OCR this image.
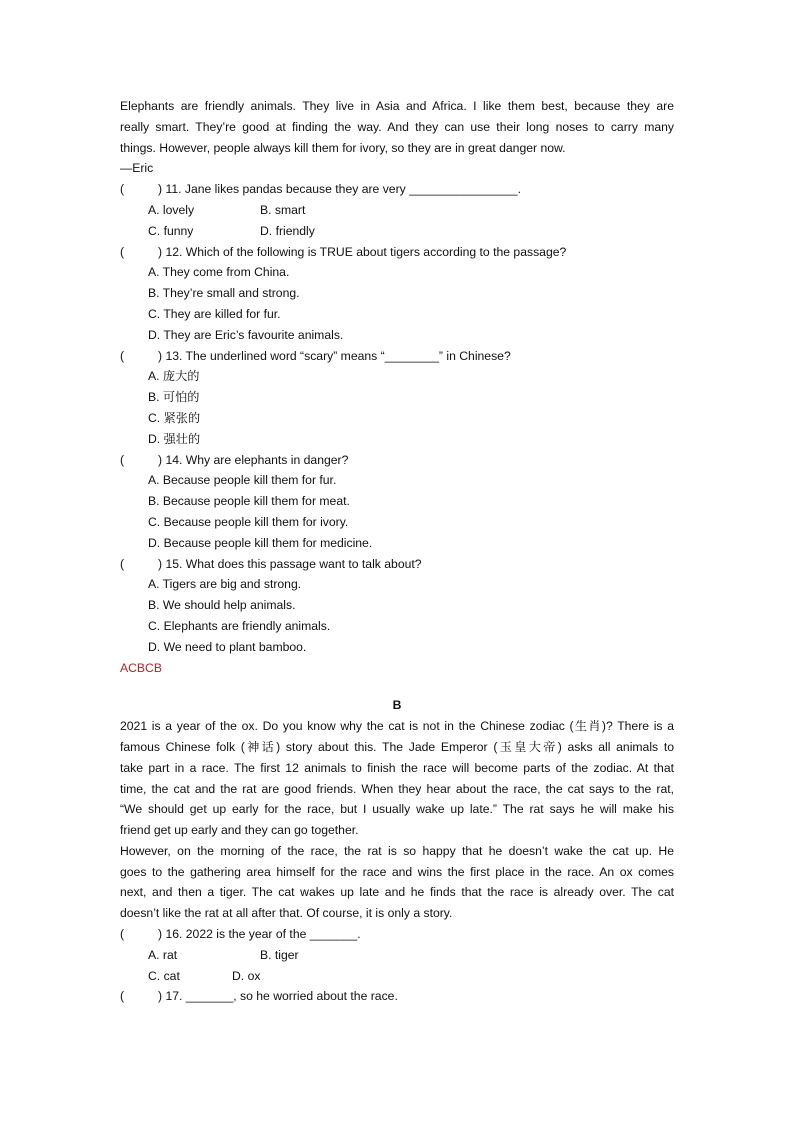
Elephants are friendly animals. They live in Asia and Africa. I like them best, because they are
really smart. They’re good at finding the way. And they can use their long noses to carry many
things. However, people always kill them for ivory, so they are in great danger now.
—Eric
(	) 11. Jane likes pandas because they are very ________________.
A. lovely	B. smart
C. funny	D. friendly
(	) 12. Which of the following is TRUE about tigers according to the passage?
A. They come from China.
B. They’re small and strong.
C. They are killed for fur.
D. They are Eric’s favourite animals.
(	) 13. The underlined word “scary” means “________” in Chinese?
A. 庞大的
B. 可怕的
C. 紧张的
D. 强壮的
(	) 14. Why are elephants in danger?
A. Because people kill them for fur.
B. Because people kill them for meat.
C. Because people kill them for ivory.
D. Because people kill them for medicine.
(	) 15. What does this passage want to talk about?
A. Tigers are big and strong.
B. We should help animals.
C. Elephants are friendly animals.
D. We need to plant bamboo.
ACBCB
B
2021 is a year of the ox. Do you know why the cat is not in the Chinese zodiac (生肖)? There is a
famous Chinese folk (神话) story about this. The Jade Emperor (玉皇大帝) asks all animals to
take part in a race. The first 12 animals to finish the race will become parts of the zodiac. At that
time, the cat and the rat are good friends. When they hear about the race, the cat says to the rat,
“We should get up early for the race, but I usually wake up late.” The rat says he will make his
friend get up early and they can go together.
However, on the morning of the race, the rat is so happy that he doesn’t wake the cat up. He
goes to the gathering area himself for the race and wins the first place in the race. An ox comes
next, and then a tiger. The cat wakes up late and he finds that the race is already over. The cat
doesn’t like the rat at all after that. Of course, it is only a story.
(	) 16. 2022 is the year of the _______.
A. rat	B. tiger
C. cat	D. ox
(	) 17. _______, so he worried about the race.
